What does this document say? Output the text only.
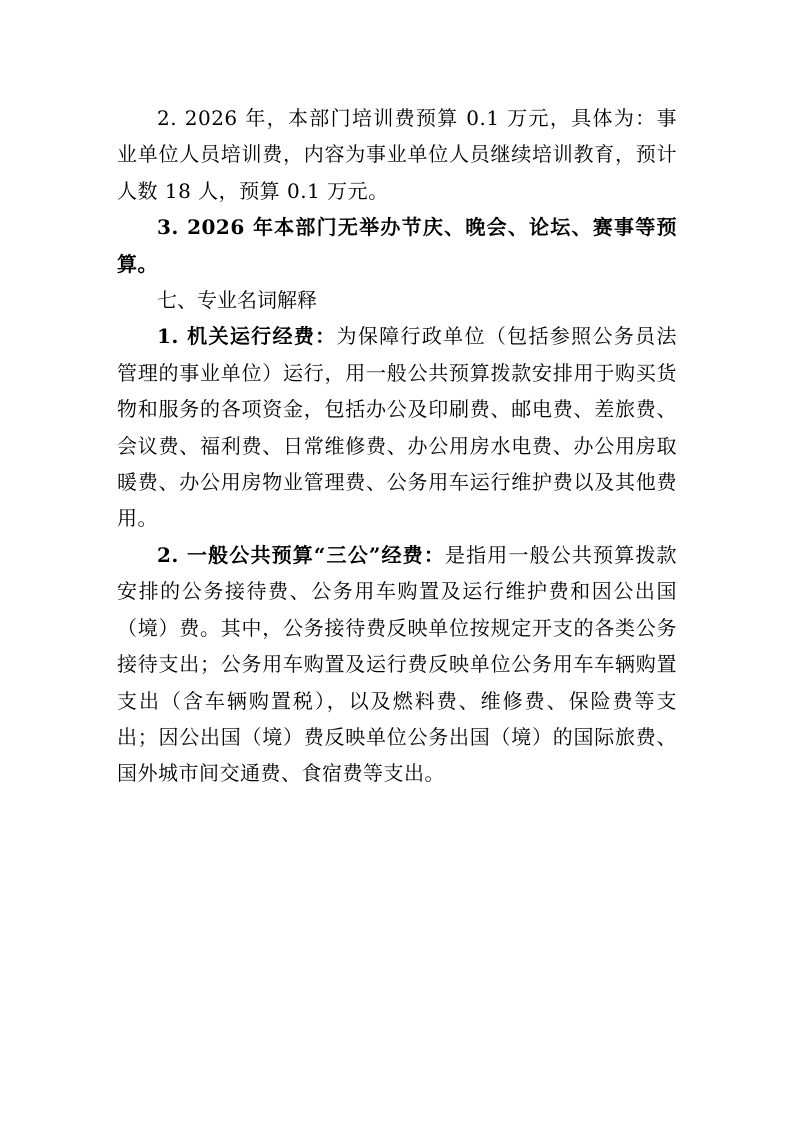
2. 2026 年，本部门培训费预算 0.1 万元，具体为：事业单位人员培训费，内容为事业单位人员继续培训教育，预计人数 18 人，预算 0.1 万元。

3. 2026 年本部门无举办节庆、晚会、论坛、赛事等预算。

七、专业名词解释

1. 机关运行经费：为保障行政单位（包括参照公务员法管理的事业单位）运行，用一般公共预算拨款安排用于购买货物和服务的各项资金，包括办公及印刷费、邮电费、差旅费、会议费、福利费、日常维修费、办公用房水电费、办公用房取暖费、办公用房物业管理费、公务用车运行维护费以及其他费用。

2. 一般公共预算“三公”经费：是指用一般公共预算拨款安排的公务接待费、公务用车购置及运行维护费和因公出国（境）费。其中，公务接待费反映单位按规定开支的各类公务接待支出；公务用车购置及运行费反映单位公务用车车辆购置支出（含车辆购置税），以及燃料费、维修费、保险费等支出；因公出国（境）费反映单位公务出国（境）的国际旅费、国外城市间交通费、食宿费等支出。
